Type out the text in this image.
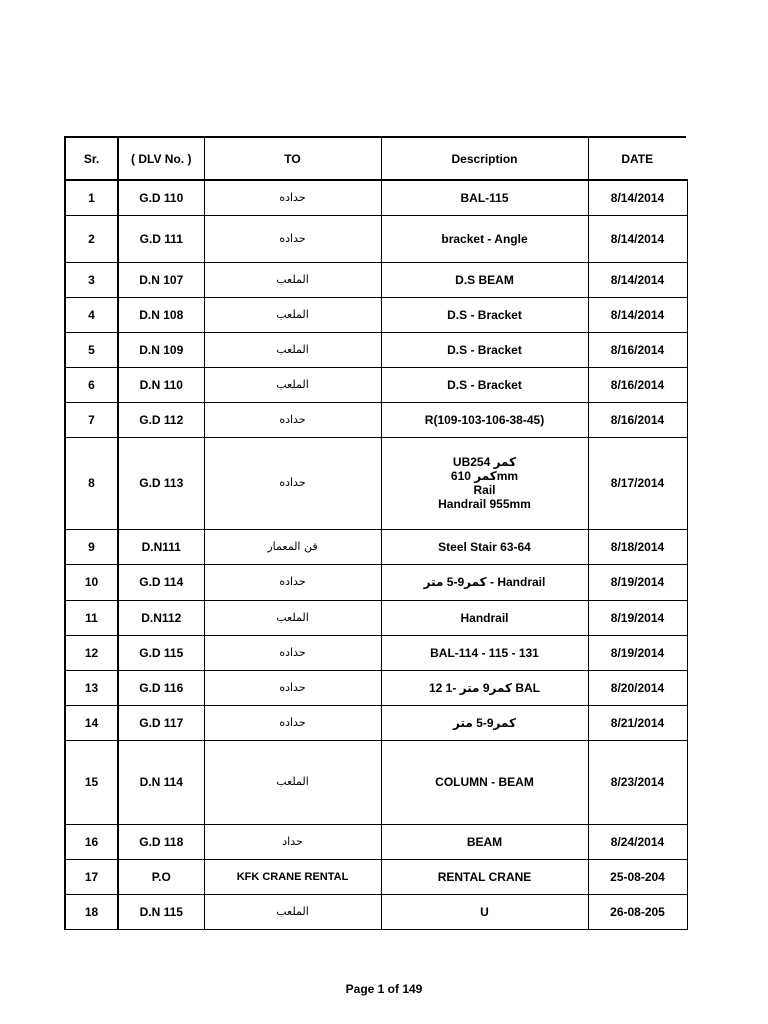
Sr.	( DLV No. )	TO	Description	DATE
1	G.D 110	حداده	BAL-115	8/14/2014
2	G.D 111	حداده	bracket - Angle	8/14/2014
3	D.N 107	الملعب	D.S BEAM	8/14/2014
4	D.N 108	الملعب	D.S - Bracket	8/14/2014
5	D.N 109	الملعب	D.S - Bracket	8/16/2014
6	D.N 110	الملعب	D.S - Bracket	8/16/2014
7	G.D 112	حداده	R(109-103-106-38-45)	8/16/2014
8	G.D 113	حداده	UB254 كمر
كمر 610mm
Rail
Handrail 955mm	8/17/2014
9	D.N111	فن المعمار	Steel Stair 63-64	8/18/2014
10	G.D 114	حداده	كمر9-5 متر - Handrail	8/19/2014
11	D.N112	الملعب	Handrail	8/19/2014
12	G.D 115	حداده	BAL-114 - 115 - 131	8/19/2014
13	G.D 116	حداده	كمر9 متر -1 12 BAL	8/20/2014
14	G.D 117	حداده	كمر9-5 متر	8/21/2014
15	D.N 114	الملعب	COLUMN - BEAM	8/23/2014
16	G.D 118	حداد	BEAM	8/24/2014
17	P.O	KFK CRANE RENTAL	RENTAL CRANE	25-08-204
18	D.N 115	الملعب	U	26-08-205
Page 1 of 149
